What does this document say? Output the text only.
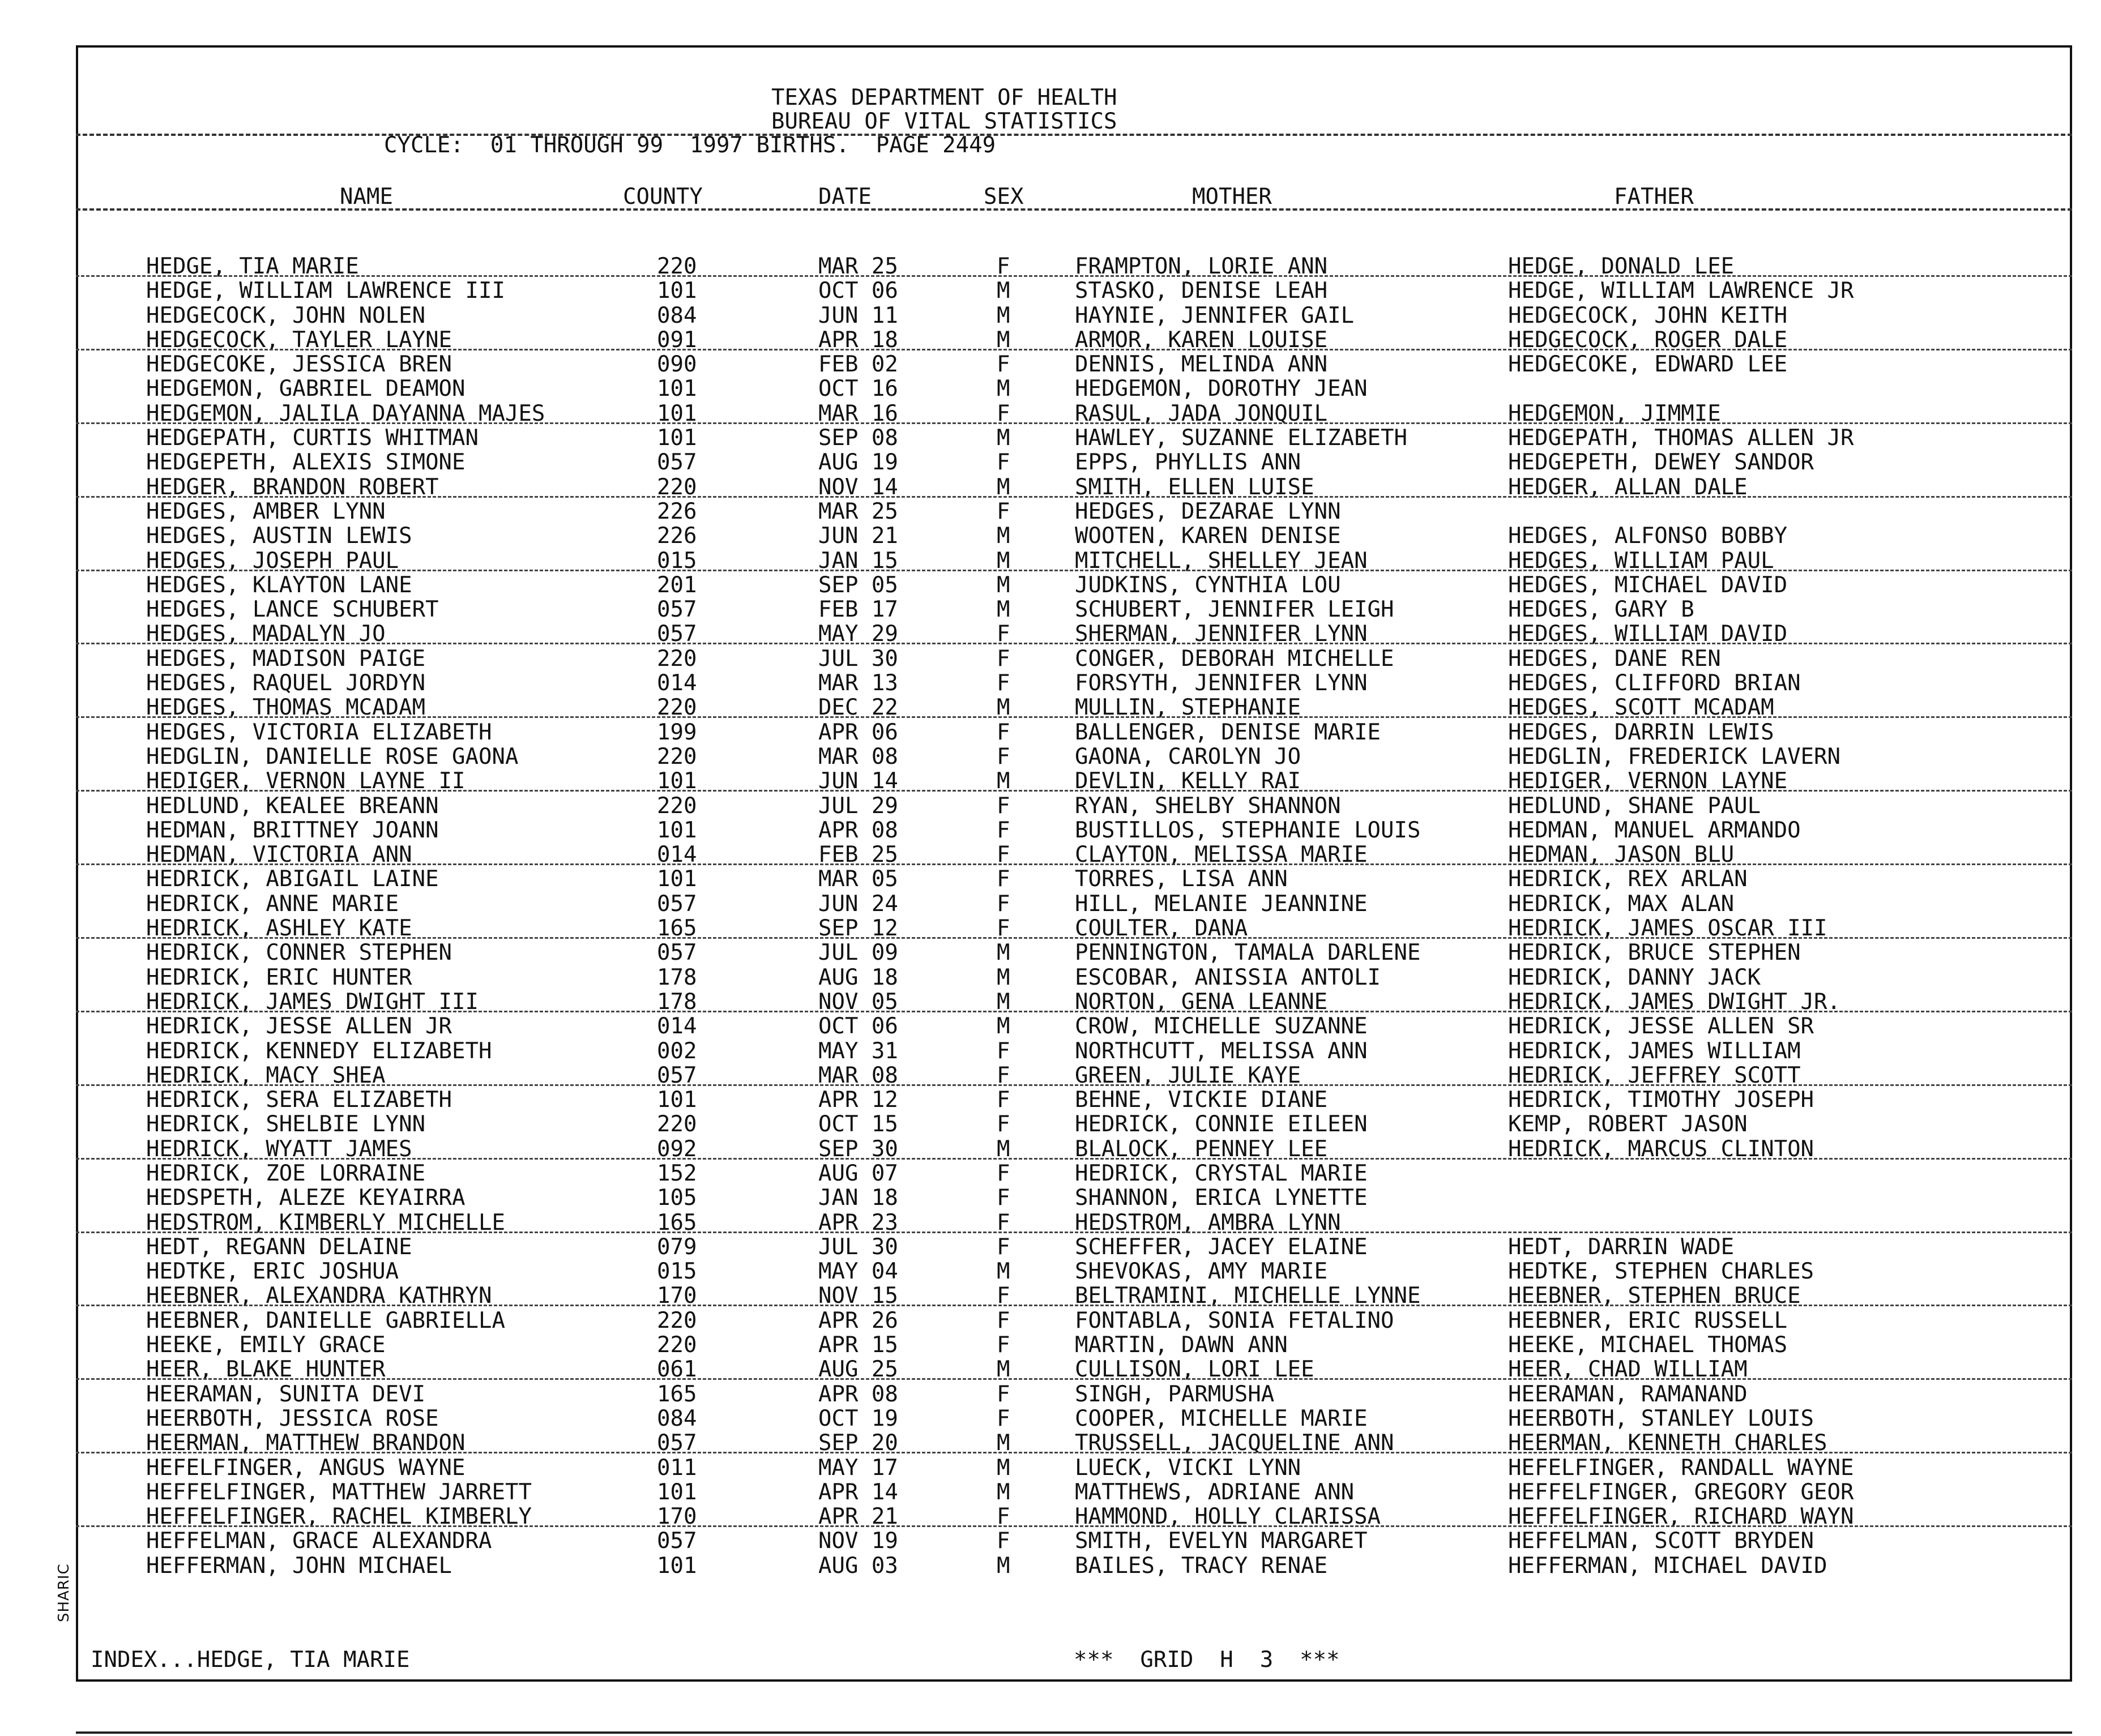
TEXAS DEPARTMENT OF HEALTH
BUREAU OF VITAL STATISTICS
CYCLE:  01 THROUGH 99  1997 BIRTHS.  PAGE 2449
NAME	COUNTY	DATE	SEX	MOTHER	FATHER
HEDGE, TIA MARIE	220	MAR 25	F	FRAMPTON, LORIE ANN	HEDGE, DONALD LEE
HEDGE, WILLIAM LAWRENCE III	101	OCT 06	M	STASKO, DENISE LEAH	HEDGE, WILLIAM LAWRENCE JR
HEDGECOCK, JOHN NOLEN	084	JUN 11	M	HAYNIE, JENNIFER GAIL	HEDGECOCK, JOHN KEITH
HEDGECOCK, TAYLER LAYNE	091	APR 18	M	ARMOR, KAREN LOUISE	HEDGECOCK, ROGER DALE
HEDGECOKE, JESSICA BREN	090	FEB 02	F	DENNIS, MELINDA ANN	HEDGECOKE, EDWARD LEE
HEDGEMON, GABRIEL DEAMON	101	OCT 16	M	HEDGEMON, DOROTHY JEAN
HEDGEMON, JALILA DAYANNA MAJES	101	MAR 16	F	RASUL, JADA JONQUIL	HEDGEMON, JIMMIE
HEDGEPATH, CURTIS WHITMAN	101	SEP 08	M	HAWLEY, SUZANNE ELIZABETH	HEDGEPATH, THOMAS ALLEN JR
HEDGEPETH, ALEXIS SIMONE	057	AUG 19	F	EPPS, PHYLLIS ANN	HEDGEPETH, DEWEY SANDOR
HEDGER, BRANDON ROBERT	220	NOV 14	M	SMITH, ELLEN LUISE	HEDGER, ALLAN DALE
HEDGES, AMBER LYNN	226	MAR 25	F	HEDGES, DEZARAE LYNN
HEDGES, AUSTIN LEWIS	226	JUN 21	M	WOOTEN, KAREN DENISE	HEDGES, ALFONSO BOBBY
HEDGES, JOSEPH PAUL	015	JAN 15	M	MITCHELL, SHELLEY JEAN	HEDGES, WILLIAM PAUL
HEDGES, KLAYTON LANE	201	SEP 05	M	JUDKINS, CYNTHIA LOU	HEDGES, MICHAEL DAVID
HEDGES, LANCE SCHUBERT	057	FEB 17	M	SCHUBERT, JENNIFER LEIGH	HEDGES, GARY B
HEDGES, MADALYN JO	057	MAY 29	F	SHERMAN, JENNIFER LYNN	HEDGES, WILLIAM DAVID
HEDGES, MADISON PAIGE	220	JUL 30	F	CONGER, DEBORAH MICHELLE	HEDGES, DANE REN
HEDGES, RAQUEL JORDYN	014	MAR 13	F	FORSYTH, JENNIFER LYNN	HEDGES, CLIFFORD BRIAN
HEDGES, THOMAS MCADAM	220	DEC 22	M	MULLIN, STEPHANIE	HEDGES, SCOTT MCADAM
HEDGES, VICTORIA ELIZABETH	199	APR 06	F	BALLENGER, DENISE MARIE	HEDGES, DARRIN LEWIS
HEDGLIN, DANIELLE ROSE GAONA	220	MAR 08	F	GAONA, CAROLYN JO	HEDGLIN, FREDERICK LAVERN
HEDIGER, VERNON LAYNE II	101	JUN 14	M	DEVLIN, KELLY RAI	HEDIGER, VERNON LAYNE
HEDLUND, KEALEE BREANN	220	JUL 29	F	RYAN, SHELBY SHANNON	HEDLUND, SHANE PAUL
HEDMAN, BRITTNEY JOANN	101	APR 08	F	BUSTILLOS, STEPHANIE LOUIS	HEDMAN, MANUEL ARMANDO
HEDMAN, VICTORIA ANN	014	FEB 25	F	CLAYTON, MELISSA MARIE	HEDMAN, JASON BLU
HEDRICK, ABIGAIL LAINE	101	MAR 05	F	TORRES, LISA ANN	HEDRICK, REX ARLAN
HEDRICK, ANNE MARIE	057	JUN 24	F	HILL, MELANIE JEANNINE	HEDRICK, MAX ALAN
HEDRICK, ASHLEY KATE	165	SEP 12	F	COULTER, DANA	HEDRICK, JAMES OSCAR III
HEDRICK, CONNER STEPHEN	057	JUL 09	M	PENNINGTON, TAMALA DARLENE	HEDRICK, BRUCE STEPHEN
HEDRICK, ERIC HUNTER	178	AUG 18	M	ESCOBAR, ANISSIA ANTOLI	HEDRICK, DANNY JACK
HEDRICK, JAMES DWIGHT III	178	NOV 05	M	NORTON, GENA LEANNE	HEDRICK, JAMES DWIGHT JR.
HEDRICK, JESSE ALLEN JR	014	OCT 06	M	CROW, MICHELLE SUZANNE	HEDRICK, JESSE ALLEN SR
HEDRICK, KENNEDY ELIZABETH	002	MAY 31	F	NORTHCUTT, MELISSA ANN	HEDRICK, JAMES WILLIAM
HEDRICK, MACY SHEA	057	MAR 08	F	GREEN, JULIE KAYE	HEDRICK, JEFFREY SCOTT
HEDRICK, SERA ELIZABETH	101	APR 12	F	BEHNE, VICKIE DIANE	HEDRICK, TIMOTHY JOSEPH
HEDRICK, SHELBIE LYNN	220	OCT 15	F	HEDRICK, CONNIE EILEEN	KEMP, ROBERT JASON
HEDRICK, WYATT JAMES	092	SEP 30	M	BLALOCK, PENNEY LEE	HEDRICK, MARCUS CLINTON
HEDRICK, ZOE LORRAINE	152	AUG 07	F	HEDRICK, CRYSTAL MARIE
HEDSPETH, ALEZE KEYAIRRA	105	JAN 18	F	SHANNON, ERICA LYNETTE
HEDSTROM, KIMBERLY MICHELLE	165	APR 23	F	HEDSTROM, AMBRA LYNN
HEDT, REGANN DELAINE	079	JUL 30	F	SCHEFFER, JACEY ELAINE	HEDT, DARRIN WADE
HEDTKE, ERIC JOSHUA	015	MAY 04	M	SHEVOKAS, AMY MARIE	HEDTKE, STEPHEN CHARLES
HEEBNER, ALEXANDRA KATHRYN	170	NOV 15	F	BELTRAMINI, MICHELLE LYNNE	HEEBNER, STEPHEN BRUCE
HEEBNER, DANIELLE GABRIELLA	220	APR 26	F	FONTABLA, SONIA FETALINO	HEEBNER, ERIC RUSSELL
HEEKE, EMILY GRACE	220	APR 15	F	MARTIN, DAWN ANN	HEEKE, MICHAEL THOMAS
HEER, BLAKE HUNTER	061	AUG 25	M	CULLISON, LORI LEE	HEER, CHAD WILLIAM
HEERAMAN, SUNITA DEVI	165	APR 08	F	SINGH, PARMUSHA	HEERAMAN, RAMANAND
HEERBOTH, JESSICA ROSE	084	OCT 19	F	COOPER, MICHELLE MARIE	HEERBOTH, STANLEY LOUIS
HEERMAN, MATTHEW BRANDON	057	SEP 20	M	TRUSSELL, JACQUELINE ANN	HEERMAN, KENNETH CHARLES
HEFELFINGER, ANGUS WAYNE	011	MAY 17	M	LUECK, VICKI LYNN	HEFELFINGER, RANDALL WAYNE
HEFFELFINGER, MATTHEW JARRETT	101	APR 14	M	MATTHEWS, ADRIANE ANN	HEFFELFINGER, GREGORY GEOR
HEFFELFINGER, RACHEL KIMBERLY	170	APR 21	F	HAMMOND, HOLLY CLARISSA	HEFFELFINGER, RICHARD WAYN
HEFFELMAN, GRACE ALEXANDRA	057	NOV 19	F	SMITH, EVELYN MARGARET	HEFFELMAN, SCOTT BRYDEN
HEFFERMAN, JOHN MICHAEL	101	AUG 03	M	BAILES, TRACY RENAE	HEFFERMAN, MICHAEL DAVID
INDEX...HEDGE, TIA MARIE	***  GRID  H  3  ***
SHARIC
